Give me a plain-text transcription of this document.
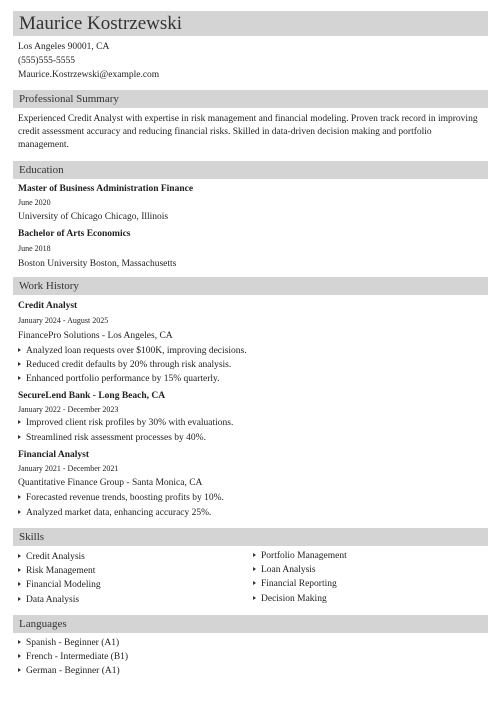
Maurice Kostrzewski
Los Angeles 90001, CA
(555)555-5555
Maurice.Kostrzewski@example.com
Professional Summary
Experienced Credit Analyst with expertise in risk management and financial modeling. Proven track record in improving credit assessment accuracy and reducing financial risks. Skilled in data-driven decision making and portfolio management.
Education
Master of Business Administration Finance
June 2020
University of Chicago Chicago, Illinois
Bachelor of Arts Economics
June 2018
Boston University Boston, Massachusetts
Work History
Credit Analyst
January 2024 - August 2025
FinancePro Solutions - Los Angeles, CA
Analyzed loan requests over $100K, improving decisions.
Reduced credit defaults by 20% through risk analysis.
Enhanced portfolio performance by 15% quarterly.
SecureLend Bank - Long Beach, CA
January 2022 - December 2023
Improved client risk profiles by 30% with evaluations.
Streamlined risk assessment processes by 40%.
Financial Analyst
January 2021 - December 2021
Quantitative Finance Group - Santa Monica, CA
Forecasted revenue trends, boosting profits by 10%.
Analyzed market data, enhancing accuracy 25%.
Skills
Credit Analysis
Risk Management
Financial Modeling
Data Analysis
Portfolio Management
Loan Analysis
Financial Reporting
Decision Making
Languages
Spanish - Beginner (A1)
French - Intermediate (B1)
German - Beginner (A1)
